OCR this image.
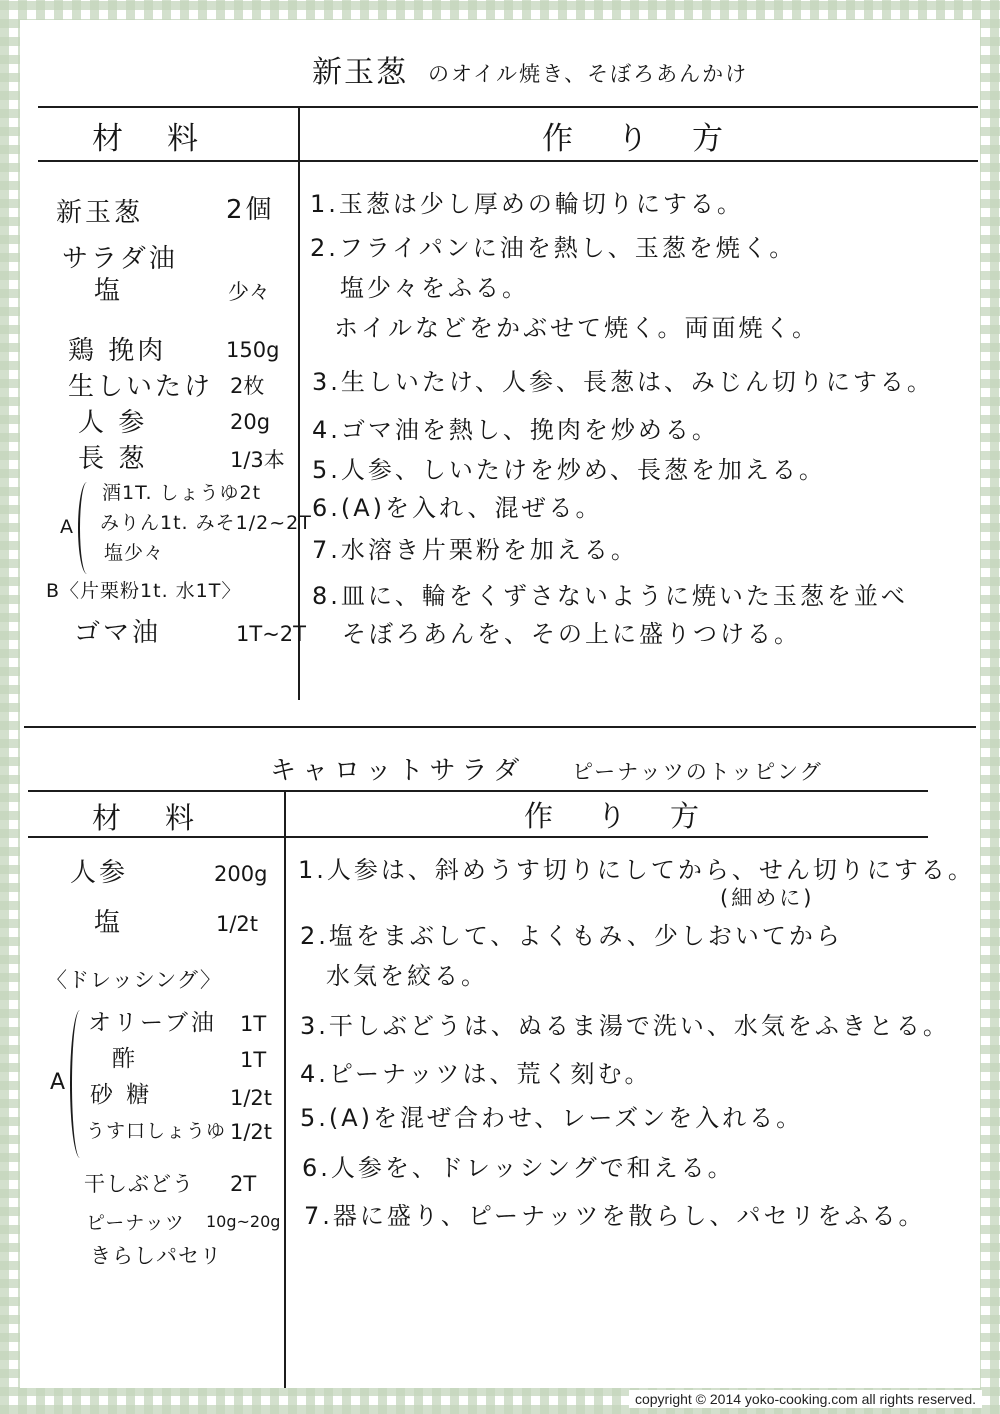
新玉葱 のオイル焼き、そぼろあんかけ
材料	作り方
新玉葱	2個
サラダ油
塩	少々
鶏 挽肉	150g
生しいたけ 2枚
人 参	20g
長 葱	1/3本
A
酒1T. しょうゆ2t
みりん1t. みそ1/2~2T
塩少々
B〈片栗粉1t. 水1T〉
ゴマ油	1T~2T
1.玉葱は少し厚めの輪切りにする。
2.フライパンに油を熱し、玉葱を焼く。
塩少々をふる。
ホイルなどをかぶせて焼く。両面焼く。
3.生しいたけ、人参、長葱は、みじん切りにする。
4.ゴマ油を熱し、挽肉を炒める。
5.人参、しいたけを炒め、長葱を加える。
6.(A)を入れ、混ぜる。
7.水溶き片栗粉を加える。
8.皿に、輪をくずさないように焼いた玉葱を並べ
そぼろあんを、その上に盛りつける。
キャロットサラダ ピーナッツのトッピング
材料	作り方
人参	200g
塩	1/2t
〈ドレッシング〉
A
オリーブ油 1T
酢	1T
砂 糖	1/2t
うす口しょうゆ 1/2t
干しぶどう 2T
ピーナッツ 10g~20g
きらしパセリ
1.人参は、斜めうす切りにしてから、せん切りにする。
(細めに)
2.塩をまぶして、よくもみ、少しおいてから
水気を絞る。
3.干しぶどうは、ぬるま湯で洗い、水気をふきとる。
4.ピーナッツは、荒く刻む。
5.(A)を混ぜ合わせ、レーズンを入れる。
6.人参を、ドレッシングで和える。
7.器に盛り、ピーナッツを散らし、パセリをふる。
copyright © 2014 yoko-cooking.com all rights reserved.
